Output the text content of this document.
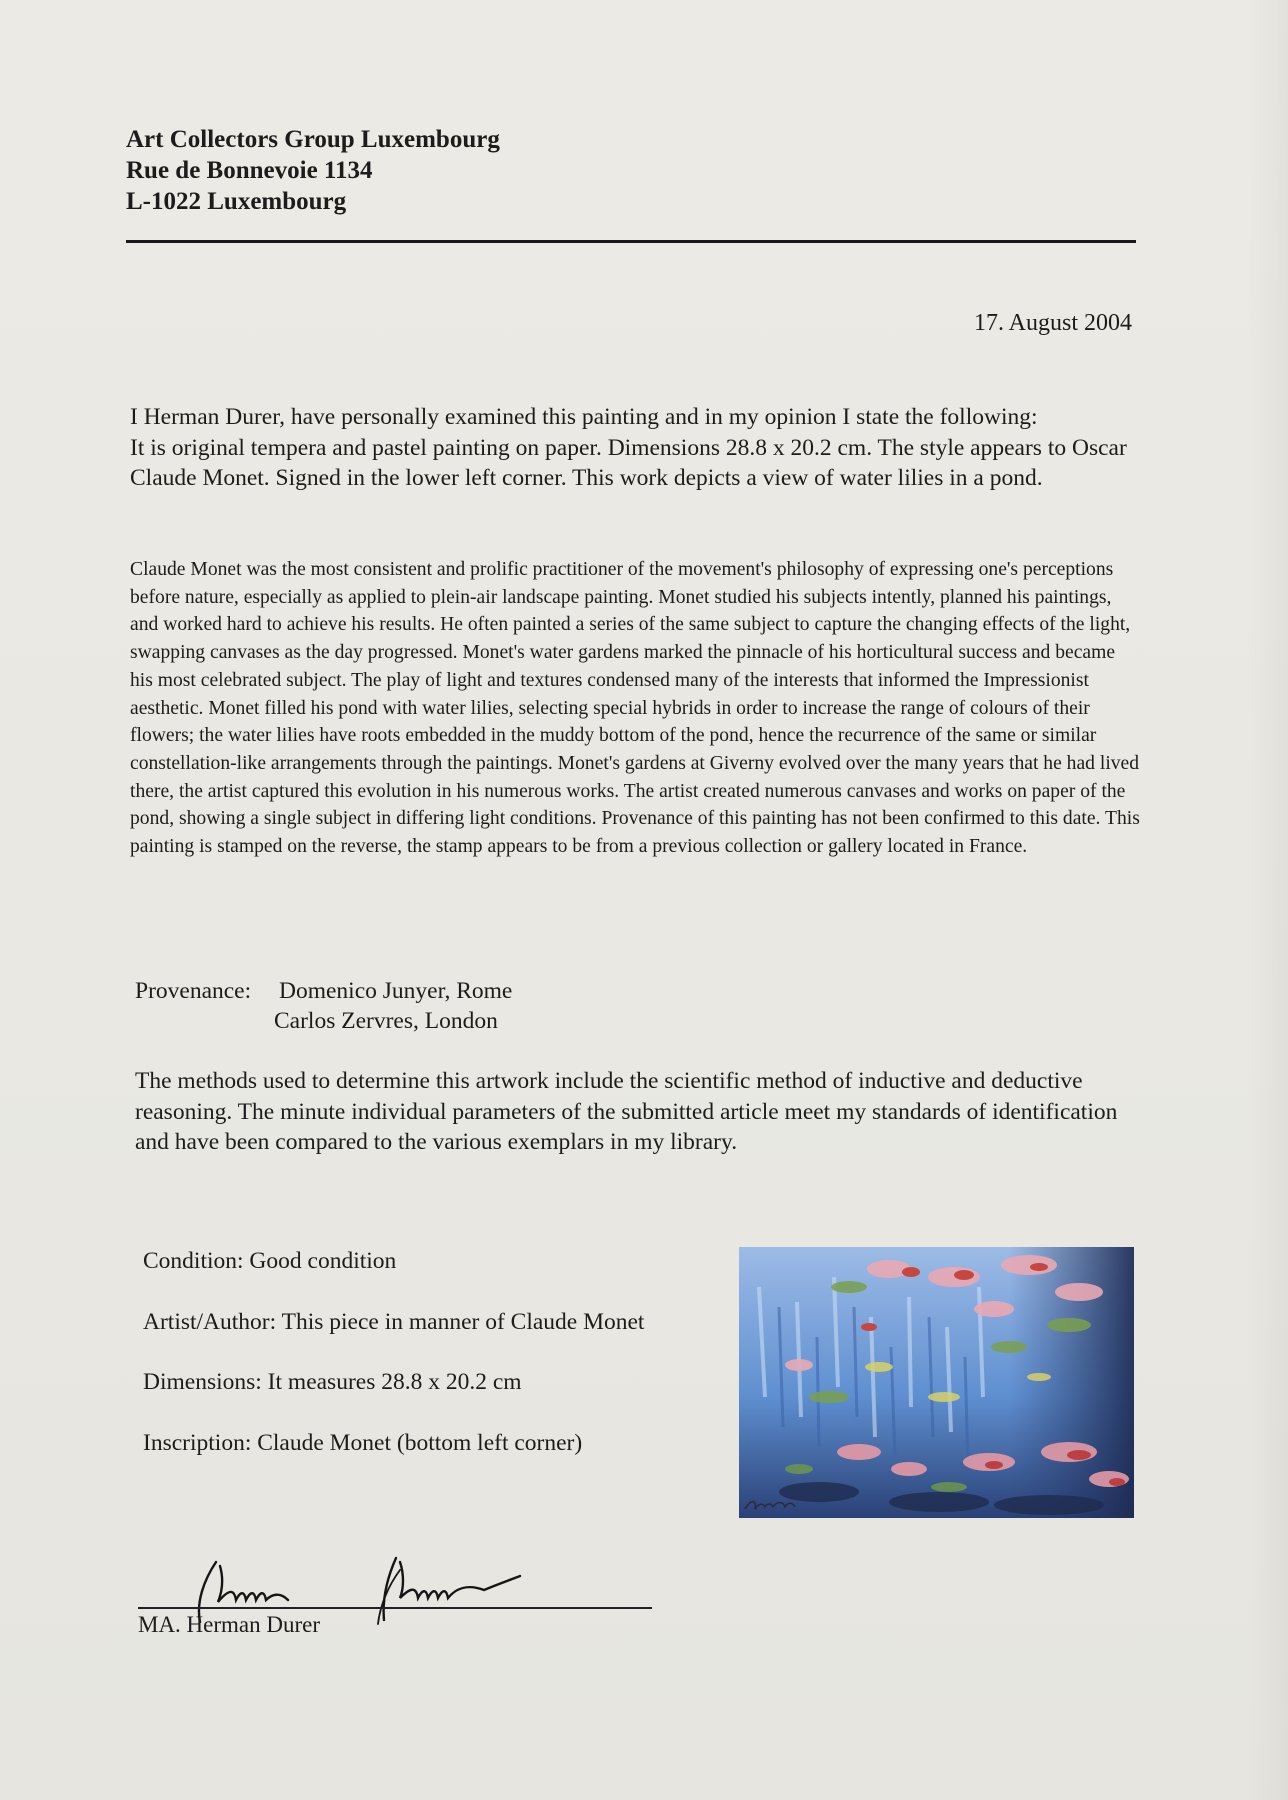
Art Collectors Group Luxembourg
Rue de Bonnevoie 1134
L-1022 Luxembourg
17. August 2004

I Herman Durer, have personally examined this painting and in my opinion I state the following:

It is original tempera and pastel painting on paper. Dimensions 28.8 x 20.2 cm. The style appears to Oscar Claude Monet. Signed in the lower left corner. This work depicts a view of water lilies in a pond.

Claude Monet was the most consistent and prolific practitioner of the movement's philosophy of expressing one's perceptions before nature, especially as applied to plein-air landscape painting. Monet studied his subjects intently, planned his paintings, and worked hard to achieve his results. He often painted a series of the same subject to capture the changing effects of the light, swapping canvases as the day progressed. Monet's water gardens marked the pinnacle of his horticultural success and became his most celebrated subject. The play of light and textures condensed many of the interests that informed the Impressionist aesthetic. Monet filled his pond with water lilies, selecting special hybrids in order to increase the range of colours of their flowers; the water lilies have roots embedded in the muddy bottom of the pond, hence the recurrence of the same or similar constellation-like arrangements through the paintings. Monet's gardens at Giverny evolved over the many years that he had lived there, the artist captured this evolution in his numerous works. The artist created numerous canvases and works on paper of the pond, showing a single subject in differing light conditions. Provenance of this painting has not been confirmed to this date. This painting is stamped on the reverse, the stamp appears to be from a previous collection or gallery located in France.

Provenance:	Domenico Junyer, Rome
Carlos Zervres, London

The methods used to determine this artwork include the scientific method of inductive and deductive reasoning. The minute individual parameters of the submitted article meet my standards of identification and have been compared to the various exemplars in my library.

Condition: Good condition
Artist/Author: This piece in manner of Claude Monet
Dimensions: It measures 28.8 x 20.2 cm
Inscription: Claude Monet (bottom left corner)
MA. Herman Durer
